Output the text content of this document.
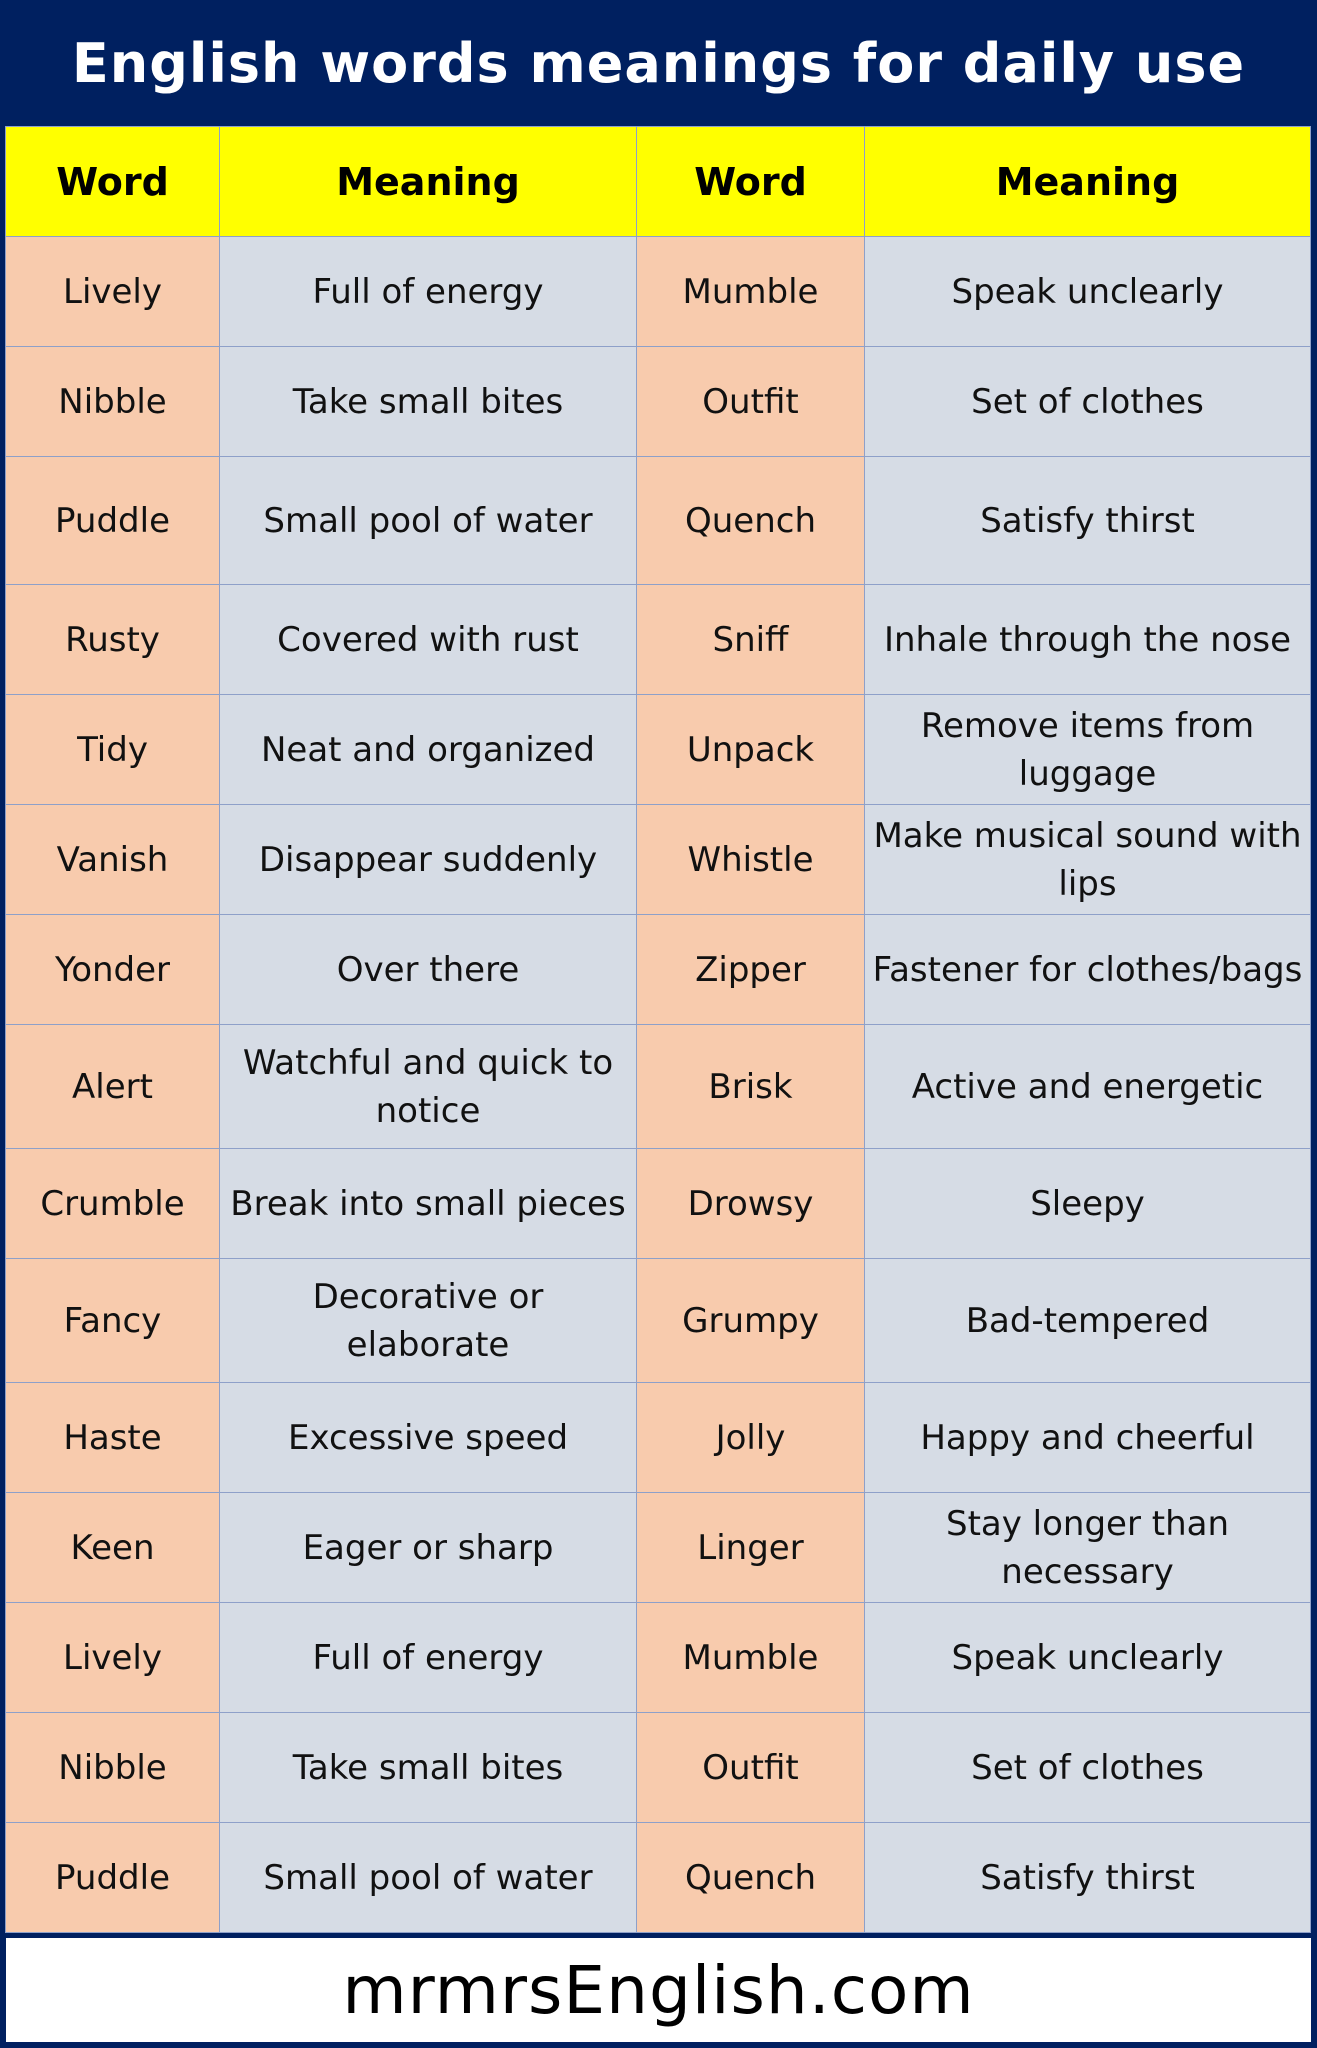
English words meanings for daily use
Word	Meaning	Word	Meaning
Lively	Full of energy	Mumble	Speak unclearly
Nibble	Take small bites	Outfit	Set of clothes
Puddle	Small pool of water	Quench	Satisfy thirst
Rusty	Covered with rust	Sniff	Inhale through the nose
Tidy	Neat and organized	Unpack	Remove items from luggage
Vanish	Disappear suddenly	Whistle	Make musical sound with lips
Yonder	Over there	Zipper	Fastener for clothes/bags
Alert	Watchful and quick to notice	Brisk	Active and energetic
Crumble	Break into small pieces	Drowsy	Sleepy
Fancy	Decorative or elaborate	Grumpy	Bad-tempered
Haste	Excessive speed	Jolly	Happy and cheerful
Keen	Eager or sharp	Linger	Stay longer than necessary
Lively	Full of energy	Mumble	Speak unclearly
Nibble	Take small bites	Outfit	Set of clothes
Puddle	Small pool of water	Quench	Satisfy thirst
mrmrsEnglish.com
